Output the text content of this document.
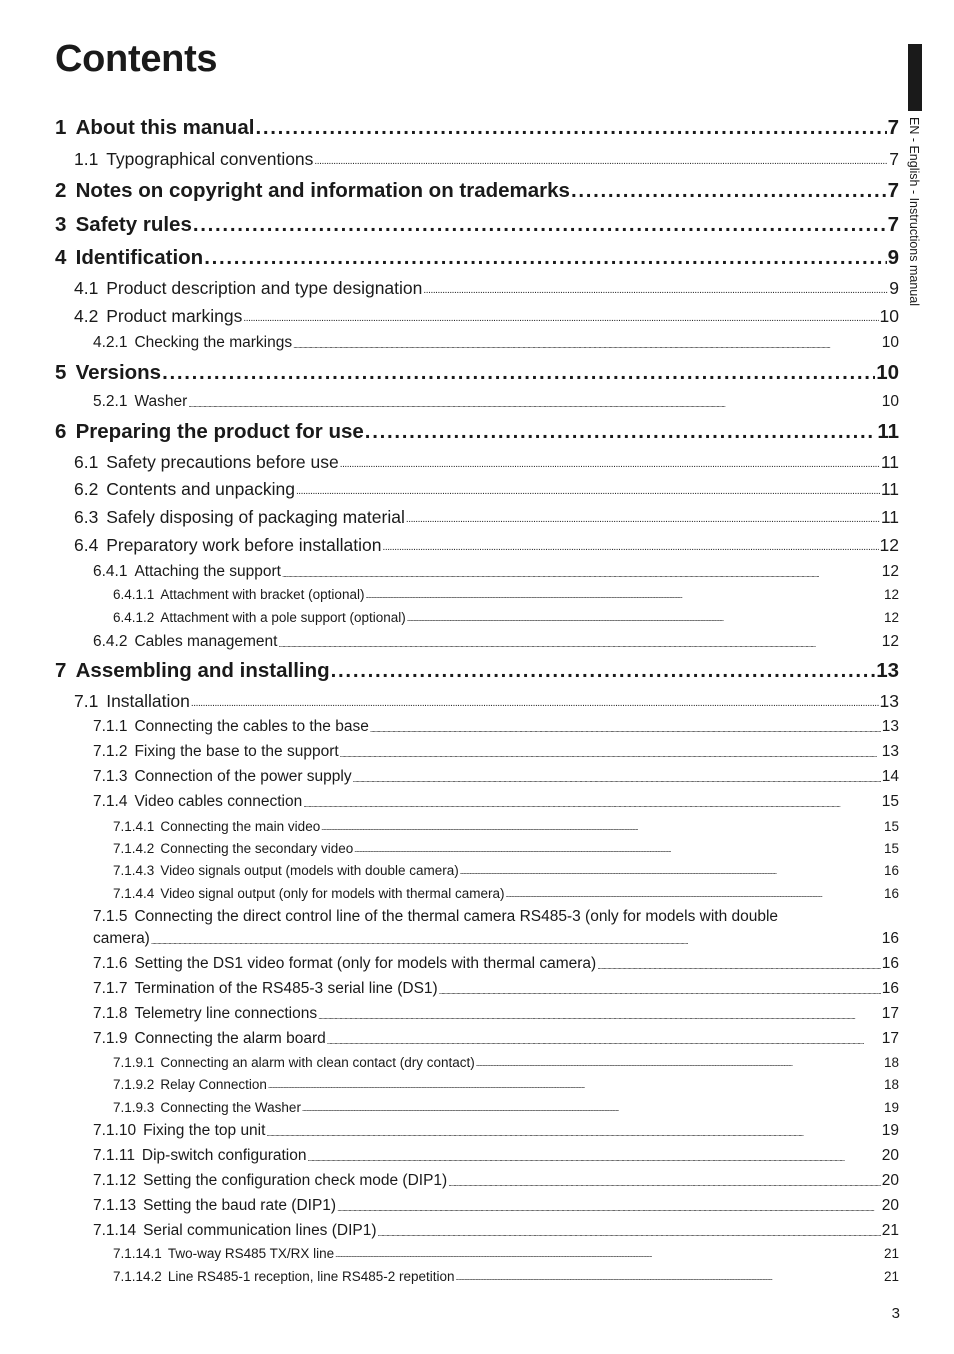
Contents
EN - English - Instructions manual
1 About this manual . . .	7
1.1 Typographical conventions . . .	7
2 Notes on copyright and information on trademarks . . .	7
3 Safety rules . . .	7
4 Identification . . .	9
4.1 Product description and type designation . . .	9
4.2 Product markings . . .	10
4.2.1 Checking the markings . . .	10
5 Versions . . .	10
5.2.1 Washer . . .	10
6 Preparing the product for use . . .	11
6.1 Safety precautions before use . . .	11
6.2 Contents and unpacking . . .	11
6.3 Safely disposing of packaging material . . .	11
6.4 Preparatory work before installation . . .	12
6.4.1 Attaching the support . . .	12
6.4.1.1 Attachment with bracket (optional) . . .	12
6.4.1.2 Attachment with a pole support (optional) . . .	12
6.4.2 Cables management . . .	12
7 Assembling and installing . . .	13
7.1 Installation . . .	13
7.1.1 Connecting the cables to the base . . .	13
7.1.2 Fixing the base to the support . . .	13
7.1.3 Connection of the power supply . . .	14
7.1.4 Video cables connection . . .	15
7.1.4.1 Connecting the main video . . .	15
7.1.4.2 Connecting the secondary video . . .	15
7.1.4.3 Video signals output (models with double camera) . . .	16
7.1.4.4 Video signal output (only for models with thermal camera) . . .	16
7.1.5 Connecting the direct control line of the thermal camera RS485-3 (only for models with double
camera) . . .	16
7.1.6 Setting the DS1 video format (only for models with thermal camera) . . .	16
7.1.7 Termination of the RS485-3 serial line (DS1) . . .	16
7.1.8 Telemetry line connections . . .	17
7.1.9 Connecting the alarm board . . .	17
7.1.9.1 Connecting an alarm with clean contact (dry contact) . . .	18
7.1.9.2 Relay Connection . . .	18
7.1.9.3 Connecting the Washer . . .	19
7.1.10 Fixing the top unit . . .	19
7.1.11 Dip-switch configuration . . .	20
7.1.12 Setting the configuration check mode (DIP1) . . .	20
7.1.13 Setting the baud rate (DIP1) . . .	20
7.1.14 Serial communication lines (DIP1) . . .	21
7.1.14.1 Two-way RS485 TX/RX line . . .	21
7.1.14.2 Line RS485-1 reception, line RS485-2 repetition . . .	21
3
